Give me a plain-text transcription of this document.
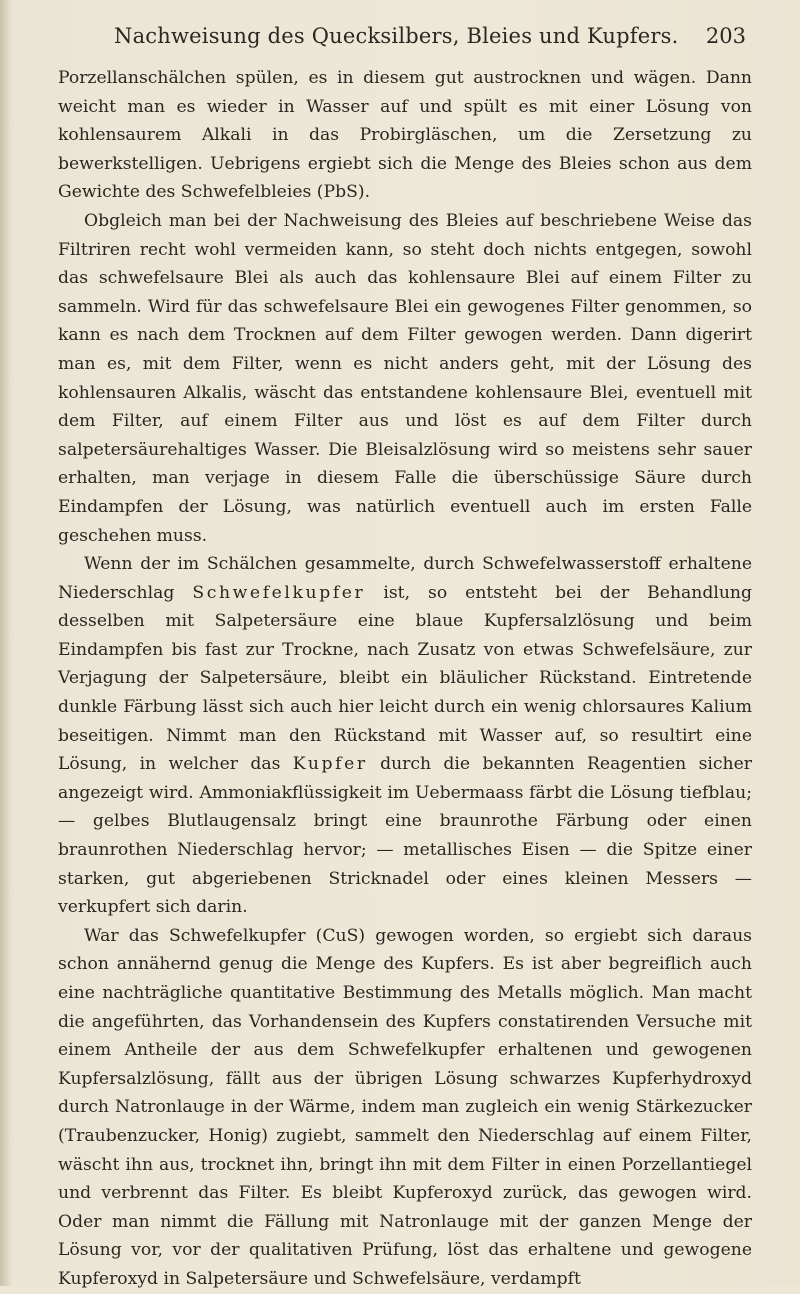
Nachweisung des Quecksilbers, Bleies und Kupfers. 203

Porzellanschälchen spülen, es in diesem gut austrocknen und wägen. Dann weicht man es wieder in Wasser auf und spült es mit einer Lösung von kohlensaurem Alkali in das Probirgläschen, um die Zersetzung zu bewerkstelligen. Uebrigens ergiebt sich die Menge des Bleies schon aus dem Gewichte des Schwefelbleies (PbS).

Obgleich man bei der Nachweisung des Bleies auf beschriebene Weise das Filtriren recht wohl vermeiden kann, so steht doch nichts entgegen, sowohl das schwefelsaure Blei als auch das kohlensaure Blei auf einem Filter zu sammeln. Wird für das schwefelsaure Blei ein gewogenes Filter genommen, so kann es nach dem Trocknen auf dem Filter gewogen werden. Dann digerirt man es, mit dem Filter, wenn es nicht anders geht, mit der Lösung des kohlensauren Alkalis, wäscht das entstandene kohlensaure Blei, eventuell mit dem Filter, auf einem Filter aus und löst es auf dem Filter durch salpetersäurehaltiges Wasser. Die Bleisalzlösung wird so meistens sehr sauer erhalten, man verjage in diesem Falle die überschüssige Säure durch Eindampfen der Lösung, was natürlich eventuell auch im ersten Falle geschehen muss.

Wenn der im Schälchen gesammelte, durch Schwefelwasserstoff erhaltene Niederschlag Schwefelkupfer ist, so entsteht bei der Behandlung desselben mit Salpetersäure eine blaue Kupfersalzlösung und beim Eindampfen bis fast zur Trockne, nach Zusatz von etwas Schwefelsäure, zur Verjagung der Salpetersäure, bleibt ein bläulicher Rückstand. Eintretende dunkle Färbung lässt sich auch hier leicht durch ein wenig chlorsaures Kalium beseitigen. Nimmt man den Rückstand mit Wasser auf, so resultirt eine Lösung, in welcher das Kupfer durch die bekannten Reagentien sicher angezeigt wird. Ammoniakflüssigkeit im Uebermaass färbt die Lösung tiefblau; — gelbes Blutlaugensalz bringt eine braunrothe Färbung oder einen braunrothen Niederschlag hervor; — metallisches Eisen — die Spitze einer starken, gut abgeriebenen Stricknadel oder eines kleinen Messers — verkupfert sich darin.

War das Schwefelkupfer (CuS) gewogen worden, so ergiebt sich daraus schon annähernd genug die Menge des Kupfers. Es ist aber begreiflich auch eine nachträgliche quantitative Bestimmung des Metalls möglich. Man macht die angeführten, das Vorhandensein des Kupfers constatirenden Versuche mit einem Antheile der aus dem Schwefelkupfer erhaltenen und gewogenen Kupfersalzlösung, fällt aus der übrigen Lösung schwarzes Kupferhydroxyd durch Natronlauge in der Wärme, indem man zugleich ein wenig Stärkezucker (Traubenzucker, Honig) zugiebt, sammelt den Niederschlag auf einem Filter, wäscht ihn aus, trocknet ihn, bringt ihn mit dem Filter in einen Porzellantiegel und verbrennt das Filter. Es bleibt Kupferoxyd zurück, das gewogen wird. Oder man nimmt die Fällung mit Natronlauge mit der ganzen Menge der Lösung vor, vor der qualitativen Prüfung, löst das erhaltene und gewogene Kupferoxyd in Salpetersäure und Schwefelsäure, verdampft
